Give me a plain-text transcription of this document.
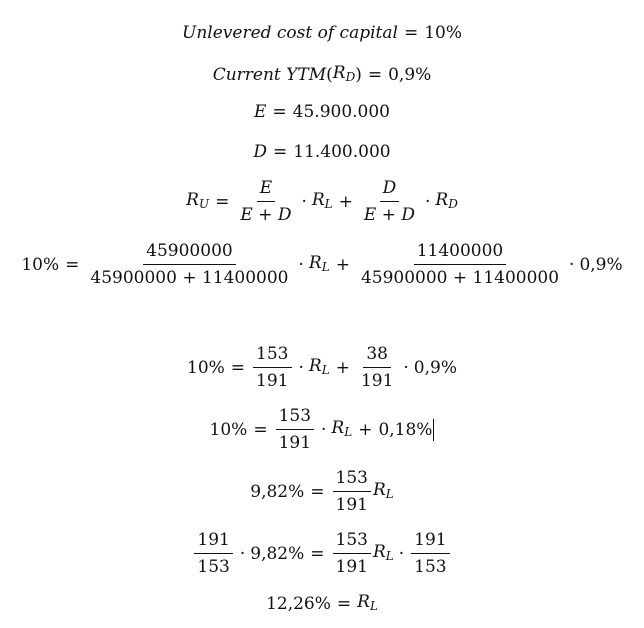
Unlevered cost of capital = 10%
Current YTM ( $R_D$ ) = 0,9%
E = 45.900.000
D = 11.400.000
$R_U = \frac{E}{E + D} \cdot R_L + \frac{D}{E + D} \cdot R_D$
$10\% = \frac{45900000}{45900000 + 11400000} \cdot R_L + \frac{11400000}{45900000 + 11400000} \cdot 0,9\%$
$10\% = \frac{153}{191} \cdot R_L + \frac{38}{191} \cdot 0,9\%$
$10\% = \frac{153}{191} \cdot R_L + 0,18\%$
$9,82\% = \frac{153}{191} R_L$
$\frac{191}{153} \cdot 9,82\% = \frac{153}{191} R_L \cdot \frac{191}{153}$
$12,26\% = R_L$
